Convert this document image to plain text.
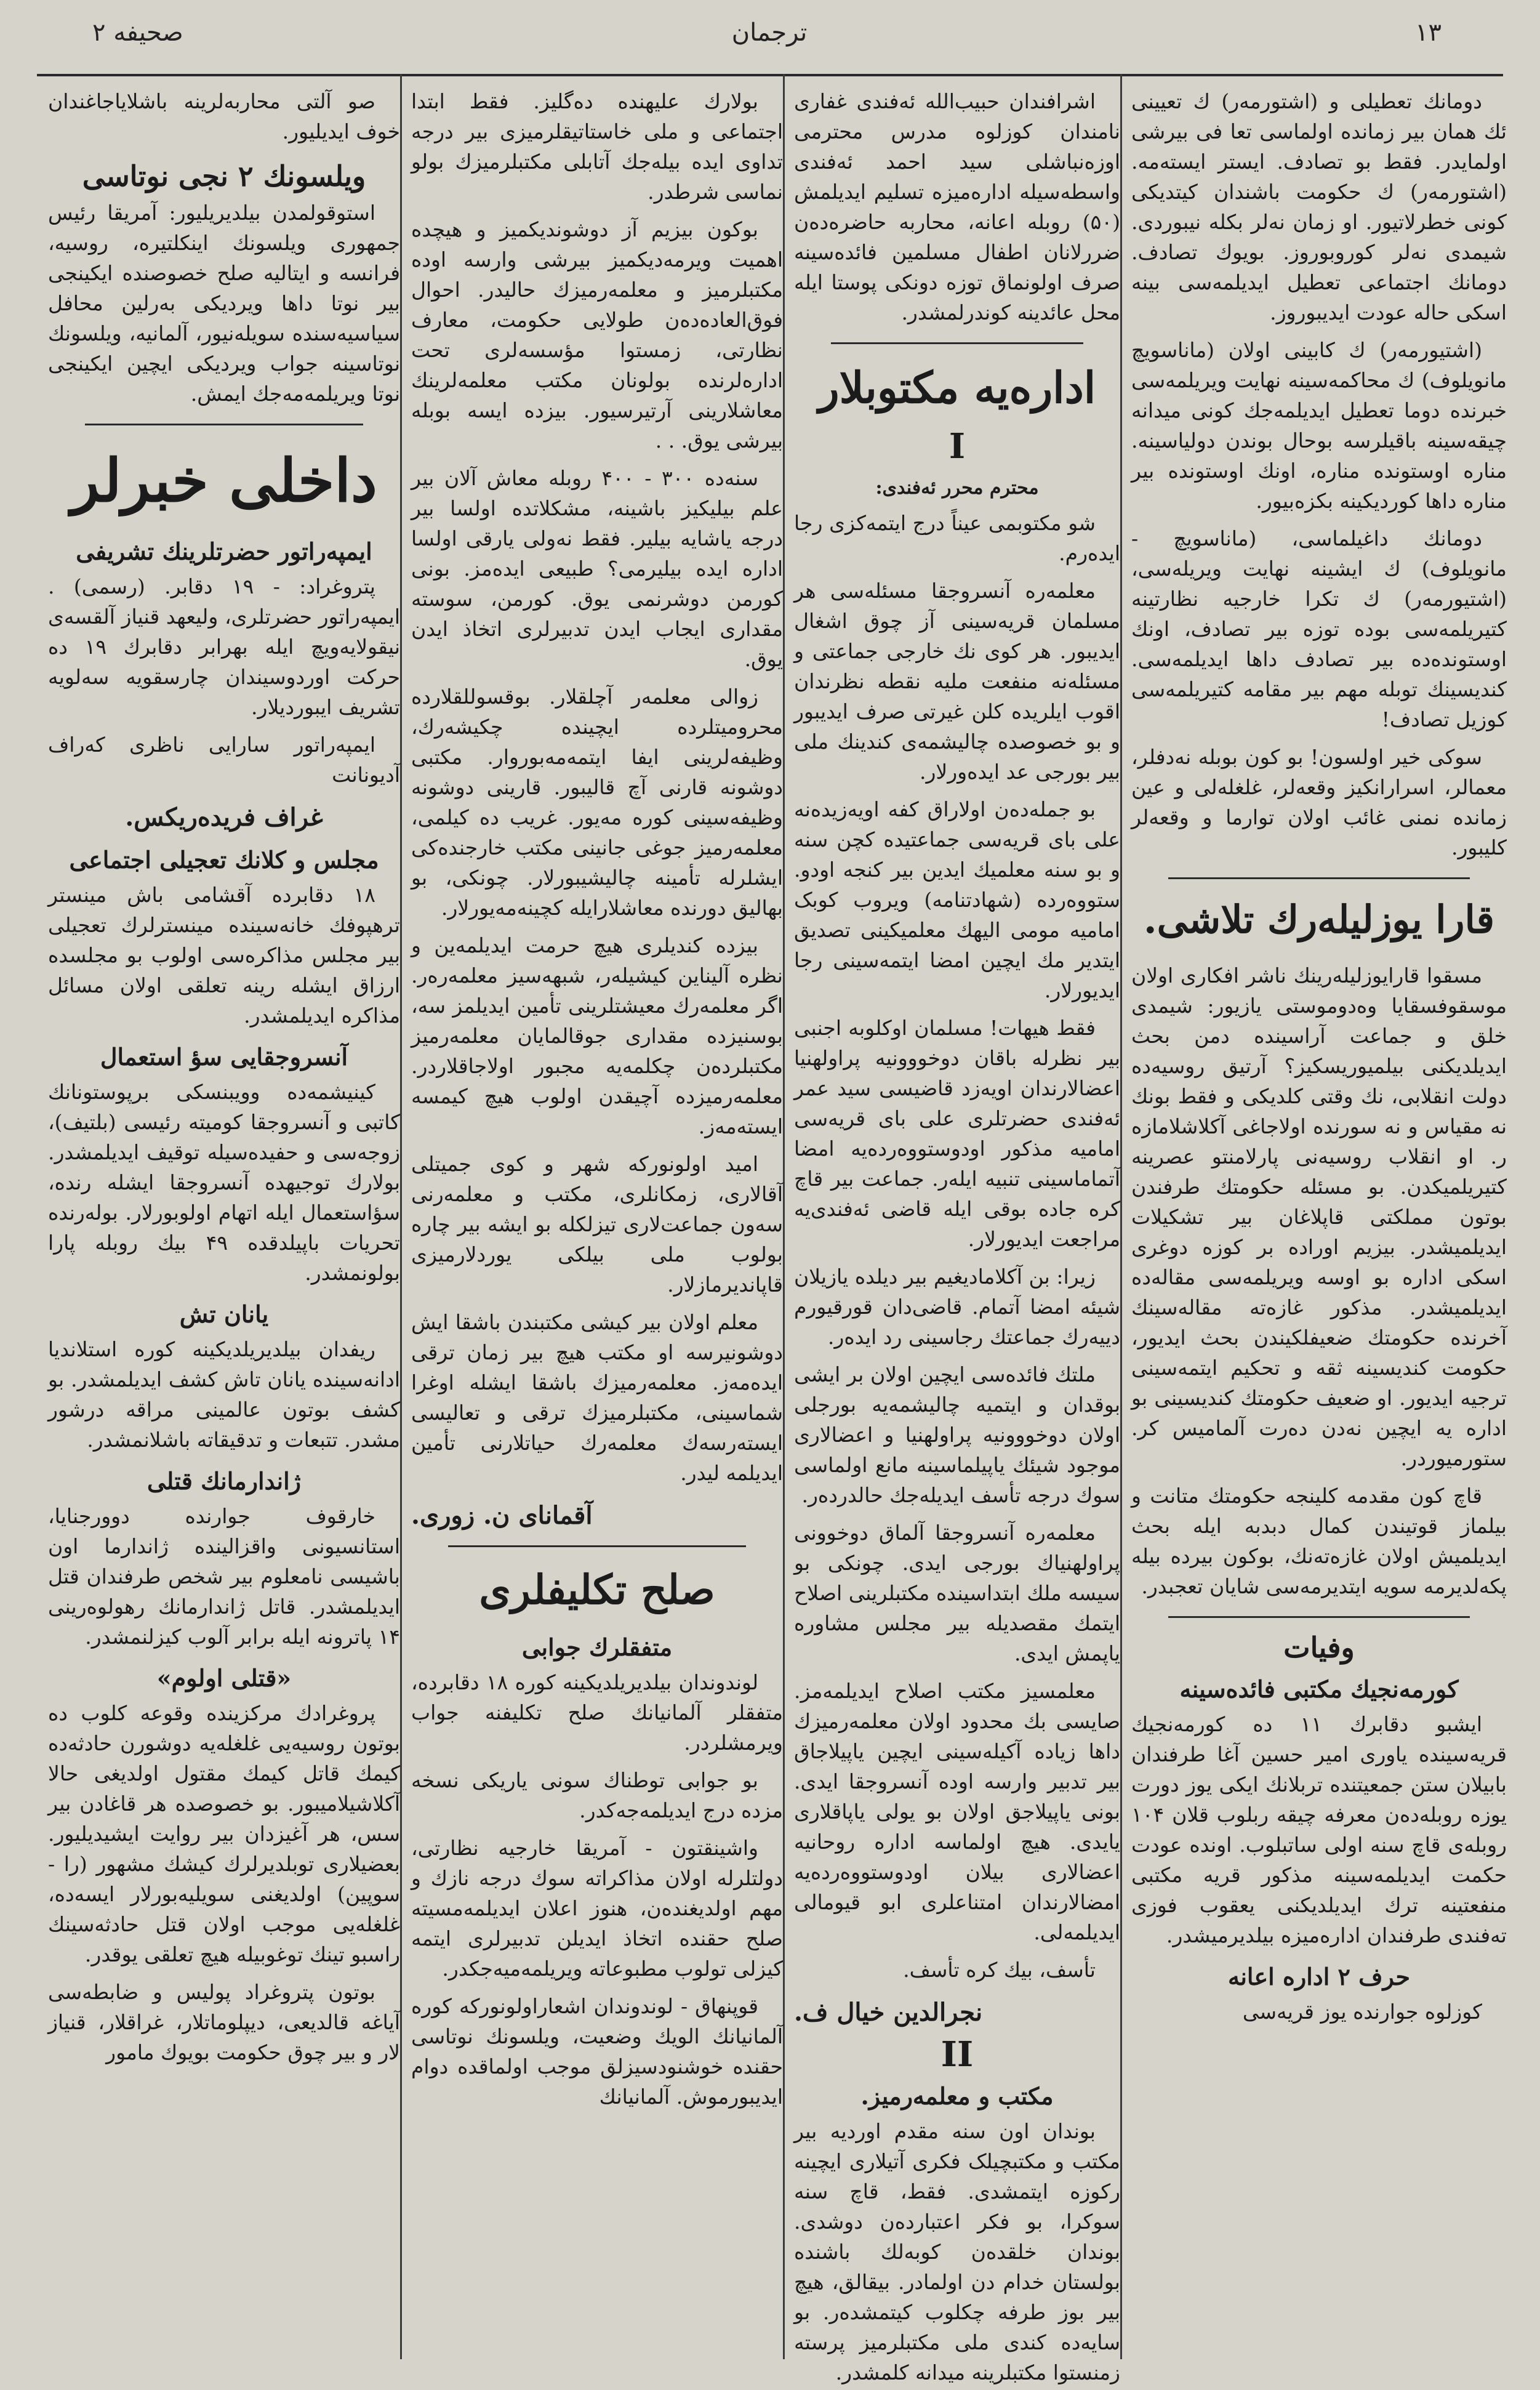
صحیفه ۲	ترجمان	۱۳

دومانك تعطیلی و (اشتورمه‌ر) ك تعیینی ئك همان بیر زمانده اولماسی تعا فی بیرشی اولمایدر. فقط بو تصادف. ایستر ایسته‌مه. (اشتورمه‌ر) ك حکومت باشندان کیتدیکی کونی خطرلاتیور. او زمان نه‌لر بکله نیبوردی. شیمدی نه‌لر کوروبوروز. بویوك تصادف. دومانك اجتماعی تعطیل ایدیلمه‌سی بینه اسکی حاله عودت ایدیبوروز.

(اشتیورمه‌ر) ك کابینی اولان (ماناسویچ مانویلوف) ك محاکمه‌سینه نهایت ویریلمه‌سی خبرنده دوما تعطیل ایدیلمه‌جك کونی میدانه چیقه‌سینه باقیلرسه بوحال بوندن دولیاسینه. مناره اوستونده مناره، اونك اوستونده بیر مناره داها کوردیکینه بکزه‌بیور.

دومانك داغیلماسی، (ماناسویچ - مانویلوف) ك ایشینه نهایت ویریله‌سی، (اشتیورمه‌ر) ك تکرا خارجیه نظارتینه کتیریلمه‌سی بوده توزه بیر تصادف، اونك اوستونده‌ده بیر تصادف داها ایدیلمه‌سی. کندیسینك توبله مهم بیر مقامه کتیریلمه‌سی کوزیل تصادف!

سوکی خیر اولسون! بو کون بوبله نه‌دفلر، معمالر، اسرارانکیز وقعه‌لر، غلغله‌لی و عین زمانده نمنی غائب اولان توارما و وقعه‌لر کلیبور.

قارا یوزلیله‌رك تلاشی.

مسقوا قارایوزلیله‌رینك ناشر افکاری اولان موسقوفسقایا وه‌دوموستی یازیور: شیمدی خلق و جماعت آراسینده دمن بحث ایدیلدیکنی بیلمیوریسکیز؟ آرتیق روسیه‌ده دولت انقلابی، نك وقتی کلدیکی و فقط بونك نه مقیاس و نه سورنده اولاجاغی آکلاشلامازه ر. او انقلاب روسیه‌نی پارلامنتو عصرینه کتیریلمیکدن. بو مسئله حکومتك طرفندن بوتون مملکتی قاپلاغان بیر تشکیلات ایدیلمیشدر. بیزیم اوراده بر کوزه دوغری اسکی اداره بو اوسه ویریلمه‌سی مقاله‌ده ایدیلمیشدر. مذکور غازه‌ته مقاله‌سینك آخرنده حکومتك ضعیفلکیندن بحث ایدیور، حکومت کندیسینه ثقه و تحکیم ایتمه‌سینی ترجیه ایدیور. او ضعیف حکومتك کندیسینی بو اداره یه ایچین نه‌دن ده‌رت آلمامیس کر. ستورمیوردر.

قاچ کون مقدمه کلینجه حکومتك متانت و بیلماز قوتیندن کمال دبدبه ایله بحث ایدیلمیش اولان غازه‌ته‌نك، بوکون بیرده بیله پکه‌لدیرمه سویه ایتدیرمه‌سی شایان تعجبدر.

وفیات
کورمه‌نجیك مکتبی فائده‌سینه

ایشبو دقابرك ۱۱ ده کورمه‌نجیك قریه‌سینده یاوری امیر حسین آغا طرفندان بابیلان ستن جمعیتنده تربلانك ایکی یوز دورت یوزه روبله‌ده‌ن معرفه چیقه ربلوب قلان ۱۰۴ روبله‌ی قاچ سنه اولی ساتبلوب. اونده عودت حکمت ایدیلمه‌سینه مذکور قریه مکتبی منفعتینه ترك ایدیلدیکنی یعقوب فوزی ته‌فندی طرفندان اداره‌میزه بیلدیرمیشدر.

حرف ۲ اداره اعانه

کوزلوه جوارنده یوز قریه‌سی

اشرافندان حبیب‌الله ئه‌فندی غفاری نامندان کوزلوه مدرس محترمی اوزه‌نباشلی سید احمد ئه‌فندی واسطه‌سیله اداره‌میزه تسلیم ایدیلمش (۵۰) روبله اعانه، محاربه حاضره‌ده‌ن ضررلانان اطفال مسلمین فائده‌سینه صرف اولونماق توزه دونکی پوستا ایله محل عائدینه کوندرلمشدر.

اداره‌یه مکتوبلار
I
محترم محرر ئه‌فندی:

شو مکتوبمی عیناً درج ایتمه‌کزی رجا ایده‌رم.

معلمه‌ره آنسروجقا مسئله‌سی هر مسلمان قریه‌سینی آز چوق اشغال ایدیبور. هر کوی نك خارجی جماعتی و مسئله‌نه منفعت ملیه نقطه نظرندان اقوب ایلریده کلن غیرتی صرف ایدیبور و بو خصوصده چالیشمه‌ی کندینك ملی بیر بورجی عد ایده‌ورلار.

بو جمله‌ده‌ن اولاراق کفه اویه‌زیده‌نه علی بای قریه‌سی جماعتیده کچن سنه و بو سنه معلمیك ایدین بیر کنجه اودو. ستووه‌رده (شهادتنامه) ویروب کوبک امامیه مومی الیهك معلمیکینی تصدیق ایتدیر مك ایچین امضا ایتمه‌سینی رجا ایدیورلار.

فقط هیهات! مسلمان اوکلوبه اجنبی بیر نظرله باقان دوخووونیه پراولهنیا اعضالارندان اویه‌زد قاضیسی سید عمر ئه‌فندی حضرتلری علی بای قریه‌سی امامیه مذکور اودوستووه‌رده‌یه امضا آتماماسینی تنبیه ایله‌ر. جماعت بیر قاچ کره جاده بوقی ایله قاضی ئه‌فندی‌یه مراجعت ایدیورلار.

زیرا: بن آکلامادیغیم بیر دیلده یازیلان شیئه امضا آتمام. قاضی‌دان قورقیورم دییه‌رك جماعتك رجاسینی رد ایده‌ر.

ملتك فائده‌سی ایچین اولان بر ایشی بوقدان و ایتمیه چالیشمه‌یه بورجلی اولان دوخووونیه پراولهنیا و اعضالاری موجود شیئك یاپیلماسینه مانع اولماسی سوك درجه تأسف ایدیله‌جك حالدرده‌ر.

معلمه‌ره آنسروجقا آلماق دوخوونی پراولهنیاك بورجی ایدی. چونکی بو سیسه ملك ابتداسینده مکتبلرینی اصلاح ایتمك مقصدیله بیر مجلس مشاوره یاپمش ایدی.

معلمسیز مکتب اصلاح ایدیلمه‌مز. صایسی بك محدود اولان معلمه‌رمیزك داها زیاده آکیله‌سینی ایچین یاپیلاجاق بیر تدبیر وارسه اوده آنسروجقا ایدی. بونی یاپیلاجق اولان بو یولی یاپاقلاری یایدی. هیچ اولماسه اداره روحانیه اعضالاری بیلان اودوستووه‌رده‌یه امضالارندان امتناعلری ابو قیومالی ایدیلمه‌لی.

تأسف، بیك کره تأسف.

نجرالدین خیال ف.
II
مکتب و معلمه‌رمیز.

بوندان اون سنه مقدم اوردیه بیر مکتب و مکتبچیلک فکری آتیلاری ایچینه رکوزه ایتمشدی. فقط، قاچ سنه سوکرا، بو فکر اعتبارده‌ن دوشدی. بوندان خلقده‌ن کوبه‌لك باشنده بولستان خدام دن اولمادر. بیقالق، هیچ بیر بوز طرفه چکلوب کیتمشده‌ر. بو سایه‌ده کندی ملی مکتبلرمیز پرسته زمنستوا مکتبلرینه میدانه کلمشدر.

بولارك علیهنده ده‌گلیز. فقط ابتدا اجتماعی و ملی خاستاتیقلرمیزی بیر درجه تداوی ایده بیله‌جك آتابلی مکتبلرمیزك بولو نماسی شرطدر.

بوكون بیزیم آز دوشوندیکمیز و هیچده اهمیت ویرمه‌دیکمیز بیرشی وارسه اوده مکتبلرمیز و معلمه‌رمیزك حالیدر. احوال فوق‌العاده‌ده‌ن طولایی حکومت، معارف نظارتی، زمستوا مؤسسه‌لری تحت اداره‌لرنده بولونان مکتب معلمه‌لرینك معاشلارینی آرتیرسیور. بیزده ایسه بوبله بیرشی یوق. . .

سنه‌ده ۳۰۰ - ۴۰۰ روبله معاش آلان بیر علم بیلیکیز باشینه، مشکلاتده اولسا بیر درجه یاشایه بیلیر. فقط نه‌ولی یارقی اولسا اداره ایده بیلیرمی؟ طبیعی ایده‌مز. بونی کورمن دوشرنمی یوق. کورمن، سوسته مقداری ایجاب ایدن تدبیرلری اتخاذ ایدن یوق.

زوالی معلمه‌ر آچلقلار. بوقسوللقلارده محرومیتلرده ایچینده چکیشه‌رك، وظیفه‌لرینی ایفا ایتمه‌مه‌بوروار. مکتبی دوشونه قارنی آچ قالیبور. قارینی دوشونه وظیفه‌سینی کوره مه‌یور. غریب ده کیلمی، معلمه‌رمیز جوغی جانینی مکتب خارجنده‌کی ایشلرله تأمینه چالیشیبورلار. چونکی، بو بهالیق دورنده معاشلارایله کچینه‌مه‌یورلار.

بیزده کندیلری هیچ حرمت ایدیلمه‌ین و نظره آلیناین کیشیله‌ر، شبهه‌سیز معلمه‌ره‌ر. اگر معلمه‌رك معیشتلرینی تأمین ایدیلمز سه، بوسنیزده مقداری جوقالمایان معلمه‌رمیز مکتبلرده‌ن چکلمه‌یه مجبور اولاجاقلاردر. معلمه‌رمیزده آچیقدن اولوب هیچ کیمسه ایسته‌مه‌ز.

امید اولونورکه شهر و کوی جمیتلی آقالاری، زمکانلری، مکتب و معلمه‌رنی سه‌ون جماعت‌لاری تیزلکله بو ایشه بیر چاره بولوب ملی بیلکی یوردلارمیزی قاپاندیرمازلار.

معلم اولان بیر کیشی مکتبندن باشقا ایش دوشونیرسه او مکتب هیچ بیر زمان ترقی ایده‌مه‌ز. معلمه‌رمیزك باشقا ایشله اوغرا شماسینی، مکتبلرمیزك ترقی و تعالیسی ایسته‌رسه‌ك معلمه‌رك حیاتلارنی تأمین ایدیلمه لیدر.

آقمانای ن. زوری.
صلح تکلیفلری
متفقلرك جوابی

لوندوندان بیلدیریلدیکینه کوره ۱۸ دقابرده، متفقلر آلمانیانك صلح تکلیفنه جواب ویرمشلردر.

بو جوابی توطناك سونی یاریکی نسخه مزده درج ایدیلمه‌جه‌کدر.

واشینقتون - آمریقا خارجیه نظارتی، دولتلرله اولان مذاکراته سوك درجه نازك و مهم اولدیغنده‌ن، هنوز اعلان ایدیلمه‌مسیته صلح حقنده اتخاذ ایدیلن تدبیرلری ایتمه کیزلی تولوب مطبوعاته ویریلمه‌میه‌جکدر.

قوپنهاق - لوندوندان اشعاراولونورکه کوره آلمانیانك الویك وضعیت، ویلسونك نوتاسی حقنده خوشنودسیزلق موجب اولماقده دوام ایدیبورموش. آلمانیانك

صو آلتی محاربه‌لرینه باشلایاجاغندان خوف ایدیلیور.

ویلسونك ۲ نجی نوتاسی

استوقولمدن بیلدیریلیور: آمریقا رئیس جمهوری ویلسونك اینکلتیره، روسیه، فرانسه و ایتالیه صلح خصوصنده ایکینجی بیر نوتا داها ویردیکی به‌رلین محافل سیاسیه‌سنده سویله‌نیور، آلمانیه، ویلسونك نوتاسینه جواب ویردیکی ایچین ایکینجی نوتا ویریلمه‌مه‌جك ایمش.

داخلی خبرلر
ایمپه‌راتور حضرتلرینك تشریفی

پتروغراد: - ۱۹ دقابر. (رسمی) . ایمپه‌راتور حضرتلری، ولیعهد قنیاز آلقسه‌ی نیقولایه‌ویچ ایله بهرابر دقابرك ۱۹ ده حرکت اوردوسیندان چارسقویه سه‌لویه تشریف ایبوردیلار.

ایمپه‌راتور سارایی ناظری که‌راف آدیونانت

غراف فریده‌ریکس.
مجلس و کلانك تعجیلی اجتماعی

۱۸ دقابرده آقشامی باش مینستر ترهپوفك خانه‌سینده مینسترلرك تعجیلی بیر مجلس مذاکره‌سی اولوب بو مجلسده ارزاق ایشله رینه تعلقی اولان مسائل مذاکره ایدیلمشدر.

آنسروجقایی سؤ استعمال

کینیشمه‌ده وویبنسکی برپوستونانك کاتبی و آنسروجقا کومیته رئیسی (بلتیف)، زوجه‌سی و حفیده‌سیله توقیف ایدیلمشدر. بولارك توجیهده آنسروجقا ایشله رنده، سؤاستعمال ایله اتهام اولوبورلار. بوله‌رنده تحریات باپیلدقده ۴۹ بیك روبله پارا بولونمشدر.

یانان تش

ریفدان بیلدیریلدیکینه کوره استلاندیا ادانه‌سینده یانان تاش کشف ایدیلمشدر. بو کشف بوتون عالمینی مراقه درشور مشدر. تتبعات و تدقیقاته باشلانمشدر.

ژاندارمانك قتلی

خارقوف جوارنده دوورجنایا، استانسیونی واقزالینده ژاندارما اون باشیسی نامعلوم بیر شخص طرفندان قتل ایدیلمشدر. قاتل ژاندارمانك رهولوه‌رینی ۱۴ پاترونه ایله برابر آلوب کیزلنمشدر.

«قتلی اولوم»

پروغرادك مرکزینده وقوعه کلوب ده بوتون روسیه‌یی غلغله‌یه دوشورن حادثه‌ده کیمك قاتل کیمك مقتول اولدیغی حالا آکلاشیلامیبور. بو خصوصده هر قاغادن بیر سس، هر آغیزدان بیر روایت ایشیدیلیور. بعضیلاری توبلدیرلرك کیشك مشهور (را - سوپین) اولدیغنی سویلیه‌بورلار ایسه‌ده، غلغله‌یی موجب اولان قتل حادثه‌سینك راسبو تینك توغوبیله هیچ تعلقی یوقدر.

بوتون پتروغراد پولیس و ضابطه‌سی آیاغه قالدیعی، دیپلوماتلار، غراقلار، قنیاز لار و بیر چوق حکومت بویوك مامور
